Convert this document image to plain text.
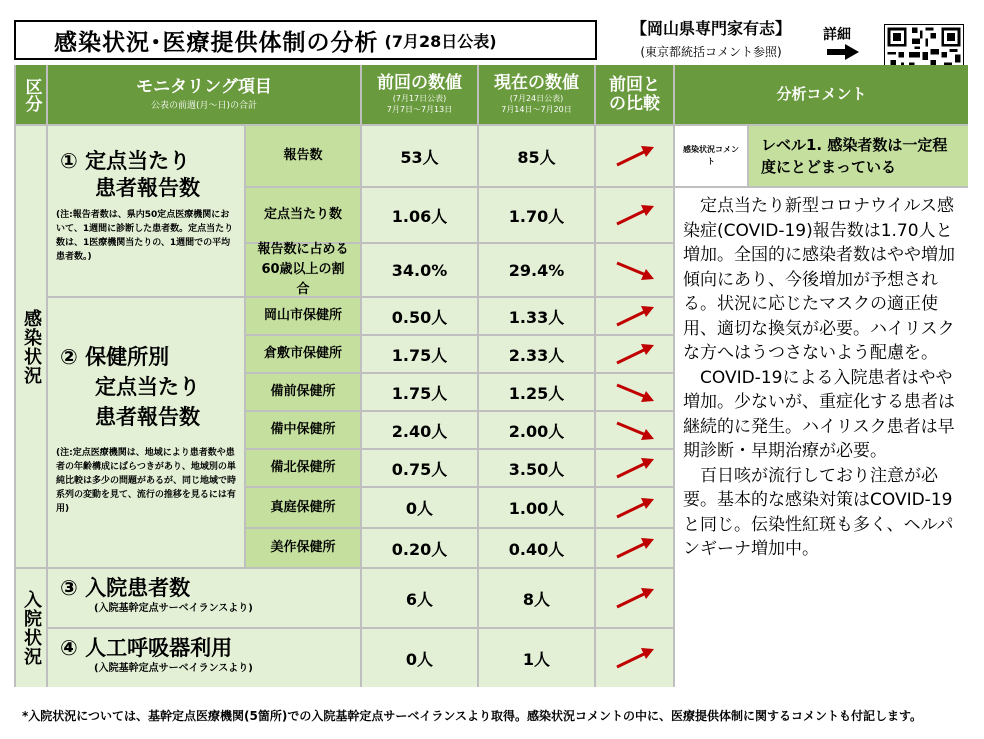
感染状況･医療提供体制の分析 (7月28日公表)
【岡山県専門家有志】
(東京都統括コメント参照)
詳細
区分	モニタリング項目
公表の前週(月～日)の合計
前回の数値
(7月17日公表)
7月7日～7月13日
現在の数値
(7月24日公表)
7月14日～7月20日
前回との比較	分析コメント
感染状況
入院状況
① 定点当たり
患者報告数
(注:報告者数は、県内50定点医療機関において、1週間に診断した患者数。定点当たり数は、1医療機関当たりの、1週間での平均患者数。)
② 保健所別
定点当たり
患者報告数
(注:定点医療機関は、地域により患者数や患者の年齢構成にばらつきがあり、地域別の単純比較は多少の問題があるが、同じ地域で時系列の変動を見て、流行の推移を見るには有用)
③ 入院患者数
(入院基幹定点サーベイランスより)
④ 人工呼吸器利用
(入院基幹定点サーベイランスより)
報告数
定点当たり数
報告数に占める60歳以上の割合
岡山市保健所
倉敷市保健所
備前保健所
備中保健所
備北保健所
真庭保健所
美作保健所
53人
1.06人
34.0%
0.50人
1.75人
1.75人
2.40人
0.75人
0人
0.20人
6人
0人
85人
1.70人
29.4%
1.33人
2.33人
1.25人
2.00人
3.50人
1.00人
0.40人
8人
1人
感染状況コメント
レベル1. 感染者数は一定程度にとどまっている

定点当たり新型コロナウイルス感染症(COVID-19)報告数は1.70人と増加。全国的に感染者数はやや増加傾向にあり、今後増加が予想される。状況に応じたマスクの適正使用、適切な換気が必要。ハイリスクな方へはうつさないよう配慮を。

COVID-19による入院患者はやや増加。少ないが、重症化する患者は継続的に発生。ハイリスク患者は早期診断・早期治療が必要。

百日咳が流行しており注意が必要。基本的な感染対策はCOVID-19と同じ。伝染性紅斑も多く、ヘルパンギーナ増加中。

*入院状況については、基幹定点医療機関(5箇所)での入院基幹定点サーベイランスより取得。感染状況コメントの中に、医療提供体制に関するコメントも付記します。
